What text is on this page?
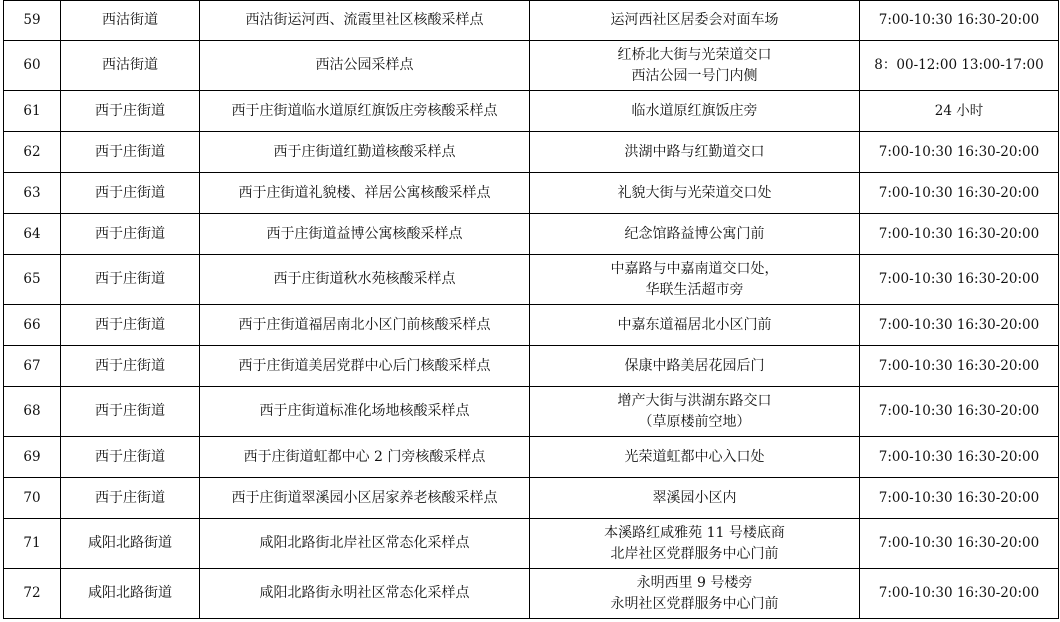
59	西沽街道	西沽街运河西、流霞里社区核酸采样点	运河西社区居委会对面车场	7:00-10:30 16:30-20:00
60	西沽街道	西沽公园采样点	红桥北大街与光荣道交口
西沽公园一号门内侧	8：00-12:00 13:00-17:00
61	西于庄街道	西于庄街道临水道原红旗饭庄旁核酸采样点	临水道原红旗饭庄旁	24 小时
62	西于庄街道	西于庄街道红勤道核酸采样点	洪湖中路与红勤道交口	7:00-10:30 16:30-20:00
63	西于庄街道	西于庄街道礼貌楼、祥居公寓核酸采样点	礼貌大街与光荣道交口处	7:00-10:30 16:30-20:00
64	西于庄街道	西于庄街道益博公寓核酸采样点	纪念馆路益博公寓门前	7:00-10:30 16:30-20:00
65	西于庄街道	西于庄街道秋水苑核酸采样点	中嘉路与中嘉南道交口处，
华联生活超市旁	7:00-10:30 16:30-20:00
66	西于庄街道	西于庄街道福居南北小区门前核酸采样点	中嘉东道福居北小区门前	7:00-10:30 16:30-20:00
67	西于庄街道	西于庄街道美居党群中心后门核酸采样点	保康中路美居花园后门	7:00-10:30 16:30-20:00
68	西于庄街道	西于庄街道标准化场地核酸采样点	增产大街与洪湖东路交口
（草原楼前空地）	7:00-10:30 16:30-20:00
69	西于庄街道	西于庄街道虹都中心 2 门旁核酸采样点	光荣道虹都中心入口处	7:00-10:30 16:30-20:00
70	西于庄街道	西于庄街道翠溪园小区居家养老核酸采样点	翠溪园小区内	7:00-10:30 16:30-20:00
71	咸阳北路街道	咸阳北路街北岸社区常态化采样点	本溪路红咸雅苑 11 号楼底商
北岸社区党群服务中心门前	7:00-10:30 16:30-20:00
72	咸阳北路街道	咸阳北路街永明社区常态化采样点	永明西里 9 号楼旁
永明社区党群服务中心门前	7:00-10:30 16:30-20:00
